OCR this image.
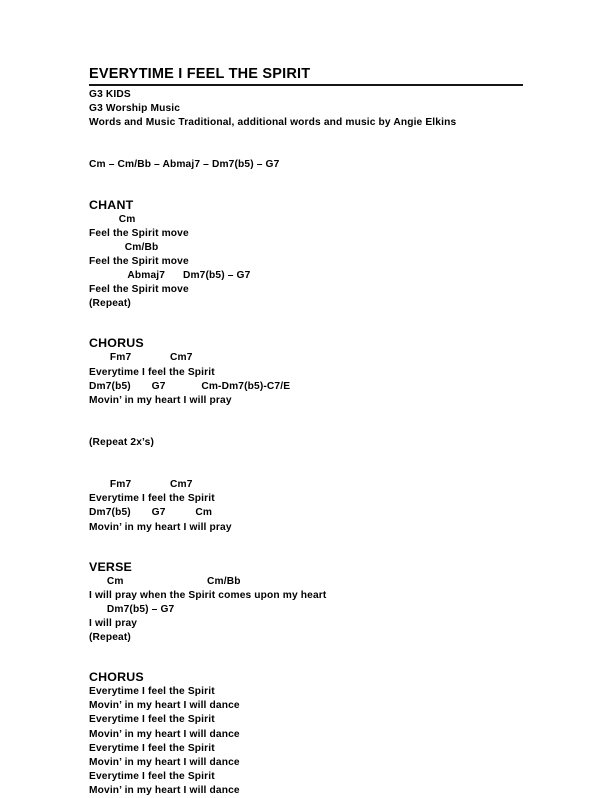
EVERYTIME I FEEL THE SPIRIT

G3 KIDS

G3 Worship Music

Words and Music Traditional, additional words and music by Angie Elkins

Cm – Cm/Bb – Abmaj7 – Dm7(b5) – G7

CHANT

Cm

Feel the Spirit move

Cm/Bb

Feel the Spirit move

Abmaj7      Dm7(b5) – G7

Feel the Spirit move

(Repeat)

CHORUS

Fm7             Cm7

Everytime I feel the Spirit

Dm7(b5)       G7            Cm-Dm7(b5)-C7/E

Movin’ in my heart I will pray

(Repeat 2x’s)

Fm7             Cm7

Everytime I feel the Spirit

Dm7(b5)       G7          Cm

Movin’ in my heart I will pray

VERSE

Cm                            Cm/Bb

I will pray when the Spirit comes upon my heart

Dm7(b5) – G7

I will pray

(Repeat)

CHORUS

Everytime I feel the Spirit

Movin’ in my heart I will dance

Everytime I feel the Spirit

Movin’ in my heart I will dance

Everytime I feel the Spirit

Movin’ in my heart I will dance

Everytime I feel the Spirit

Movin’ in my heart I will dance
